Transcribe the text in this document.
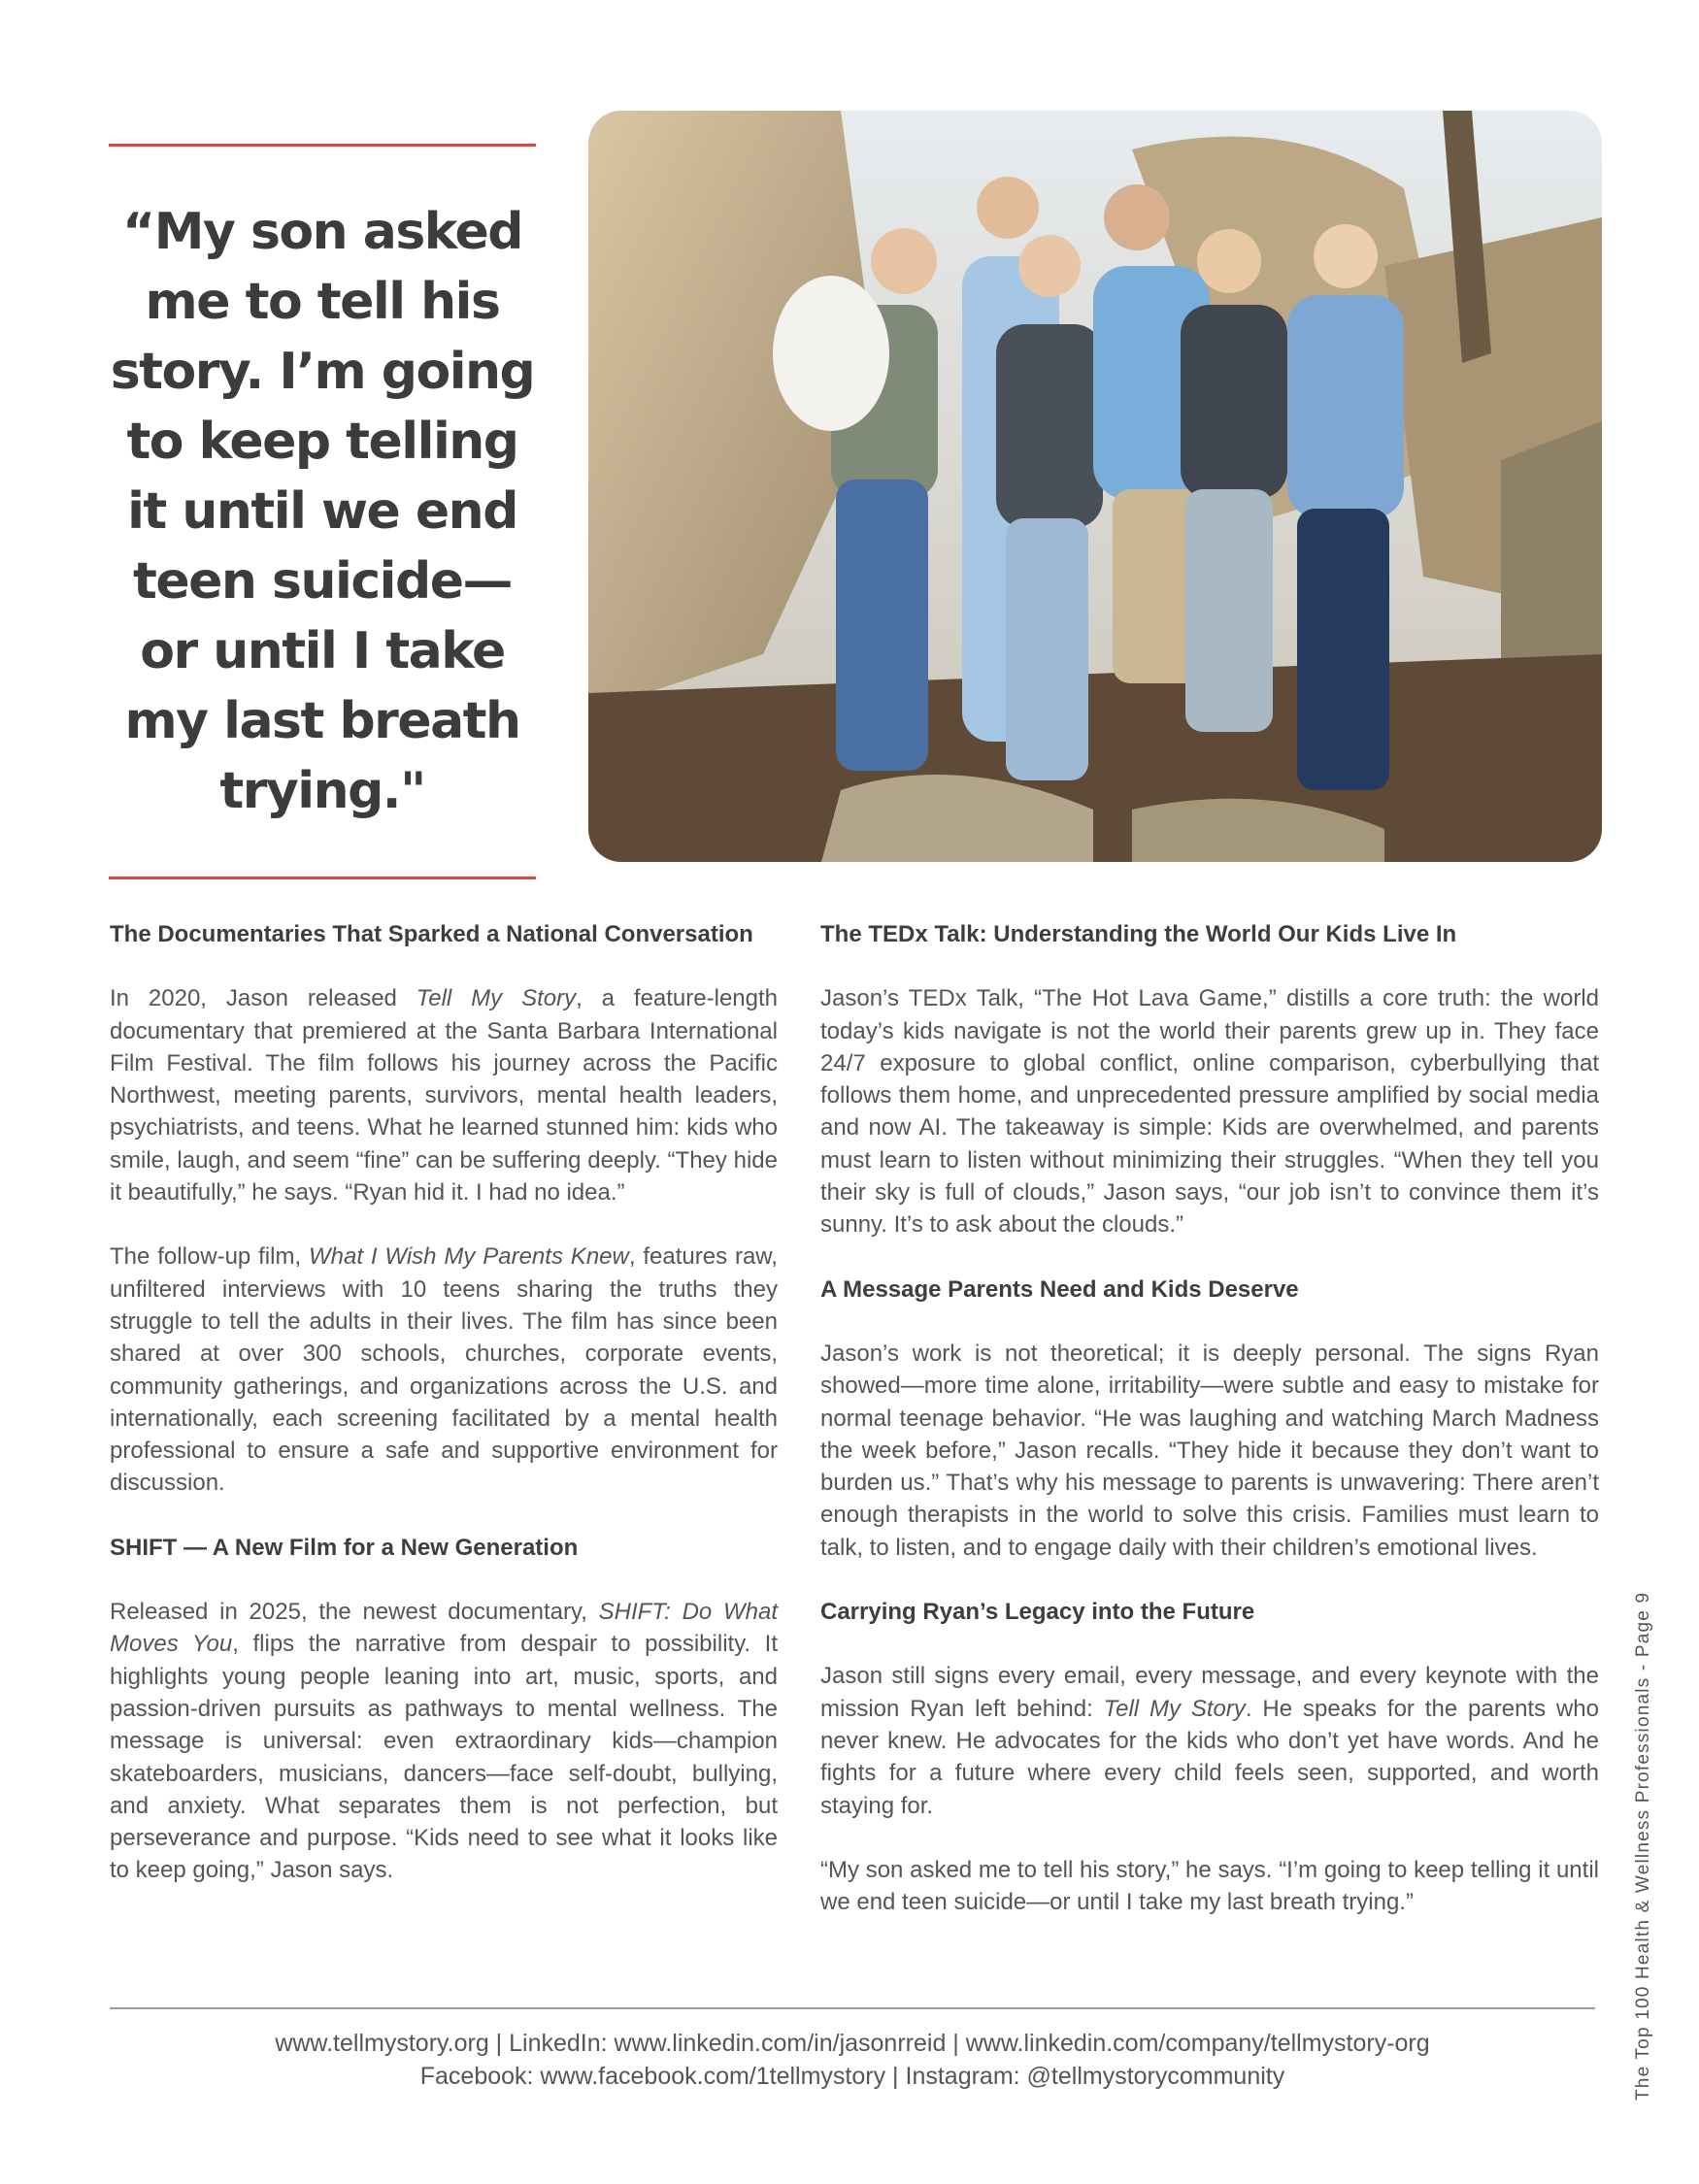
“My son asked me to tell his story. I’m going to keep telling it until we end teen suicide—or until I take my last breath trying."
The Documentaries That Sparked a National Conversation

In 2020, Jason released Tell My Story, a feature-length documentary that premiered at the Santa Barbara International Film Festival. The film follows his journey across the Pacific Northwest, meeting parents, survivors, mental health leaders, psychiatrists, and teens. What he learned stunned him: kids who smile, laugh, and seem “fine” can be suffering deeply. “They hide it beautifully,” he says. “Ryan hid it. I had no idea.”

The follow-up film, What I Wish My Parents Knew, features raw, unfiltered interviews with 10 teens sharing the truths they struggle to tell the adults in their lives. The film has since been shared at over 300 schools, churches, corporate events, community gatherings, and organizations across the U.S. and internationally, each screening facilitated by a mental health professional to ensure a safe and supportive environment for discussion.

SHIFT — A New Film for a New Generation

Released in 2025, the newest documentary, SHIFT: Do What Moves You, flips the narrative from despair to possibility. It highlights young people leaning into art, music, sports, and passion-driven pursuits as pathways to mental wellness. The message is universal: even extraordinary kids—champion skateboarders, musicians, dancers—face self-doubt, bullying, and anxiety. What separates them is not perfection, but perseverance and purpose. “Kids need to see what it looks like to keep going,” Jason says.

The TEDx Talk: Understanding the World Our Kids Live In

Jason’s TEDx Talk, “The Hot Lava Game,” distills a core truth: the world today’s kids navigate is not the world their parents grew up in. They face 24/7 exposure to global conflict, online comparison, cyberbullying that follows them home, and unprecedented pressure amplified by social media and now AI. The takeaway is simple: Kids are overwhelmed, and parents must learn to listen without minimizing their struggles. “When they tell you their sky is full of clouds,” Jason says, “our job isn’t to convince them it’s sunny. It’s to ask about the clouds.”

A Message Parents Need and Kids Deserve

Jason’s work is not theoretical; it is deeply personal. The signs Ryan showed—more time alone, irritability—were subtle and easy to mistake for normal teenage behavior. “He was laughing and watching March Madness the week before,” Jason recalls. “They hide it because they don’t want to burden us.” That’s why his message to parents is unwavering: There aren’t enough therapists in the world to solve this crisis. Families must learn to talk, to listen, and to engage daily with their children’s emotional lives.

Carrying Ryan’s Legacy into the Future

Jason still signs every email, every message, and every keynote with the mission Ryan left behind: Tell My Story. He speaks for the parents who never knew. He advocates for the kids who don’t yet have words. And he fights for a future where every child feels seen, supported, and worth staying for.

“My son asked me to tell his story,” he says. “I’m going to keep telling it until we end teen suicide—or until I take my last breath trying.”

www.tellmystory.org | LinkedIn: www.linkedin.com/in/jasonrreid | www.linkedin.com/company/tellmystory-org
Facebook: www.facebook.com/1tellmystory | Instagram: @tellmystorycommunity	The Top 100 Health & Wellness Professionals - Page 9
